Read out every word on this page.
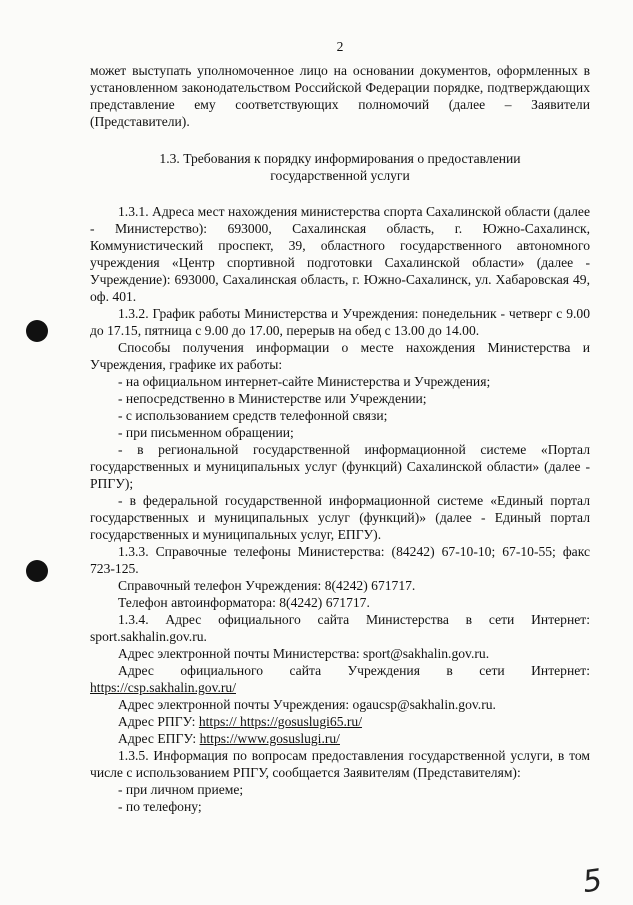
2

может выступать уполномоченное лицо на основании документов, оформленных в установленном законодательством Российской Федерации порядке, подтверждающих представление ему соответствующих полномочий (далее – Заявители (Представители).

1.3. Требования к порядку информирования о предоставлении

государственной услуги

1.3.1. Адреса мест нахождения министерства спорта Сахалинской области (далее - Министерство): 693000, Сахалинская область, г. Южно-Сахалинск, Коммунистический проспект, 39, областного государственного автономного учреждения «Центр спортивной подготовки Сахалинской области» (далее - Учреждение): 693000, Сахалинская область, г. Южно-Сахалинск, ул. Хабаровская 49, оф. 401.

1.3.2. График работы Министерства и Учреждения: понедельник - четверг с 9.00 до 17.15, пятница с 9.00 до 17.00, перерыв на обед с 13.00 до 14.00.

Способы получения информации о месте нахождения Министерства и Учреждения, графике их работы:

- на официальном интернет-сайте Министерства и Учреждения;

- непосредственно в Министерстве или Учреждении;

- с использованием средств телефонной связи;

- при письменном обращении;

- в региональной государственной информационной системе «Портал государственных и муниципальных услуг (функций) Сахалинской области» (далее - РПГУ);

- в федеральной государственной информационной системе «Единый портал государственных и муниципальных услуг (функций)» (далее - Единый портал государственных и муниципальных услуг, ЕПГУ).

1.3.3. Справочные телефоны Министерства: (84242) 67-10-10; 67-10-55; факс 723-125.

Справочный телефон Учреждения: 8(4242) 671717.

Телефон автоинформатора: 8(4242) 671717.

1.3.4. Адрес официального сайта Министерства в сети Интернет: sport.sakhalin.gov.ru.

Адрес электронной почты Министерства: sport@sakhalin.gov.ru.

Адрес официального сайта Учреждения в сети Интернет: https://csp.sakhalin.gov.ru/

Адрес электронной почты Учреждения: ogaucsp@sakhalin.gov.ru.

Адрес РПГУ: https:// https://gosuslugi65.ru/

Адрес ЕПГУ: https://www.gosuslugi.ru/

1.3.5. Информация по вопросам предоставления государственной услуги, в том числе с использованием РПГУ, сообщается Заявителям (Представителям):

- при личном приеме;

- по телефону;

5
